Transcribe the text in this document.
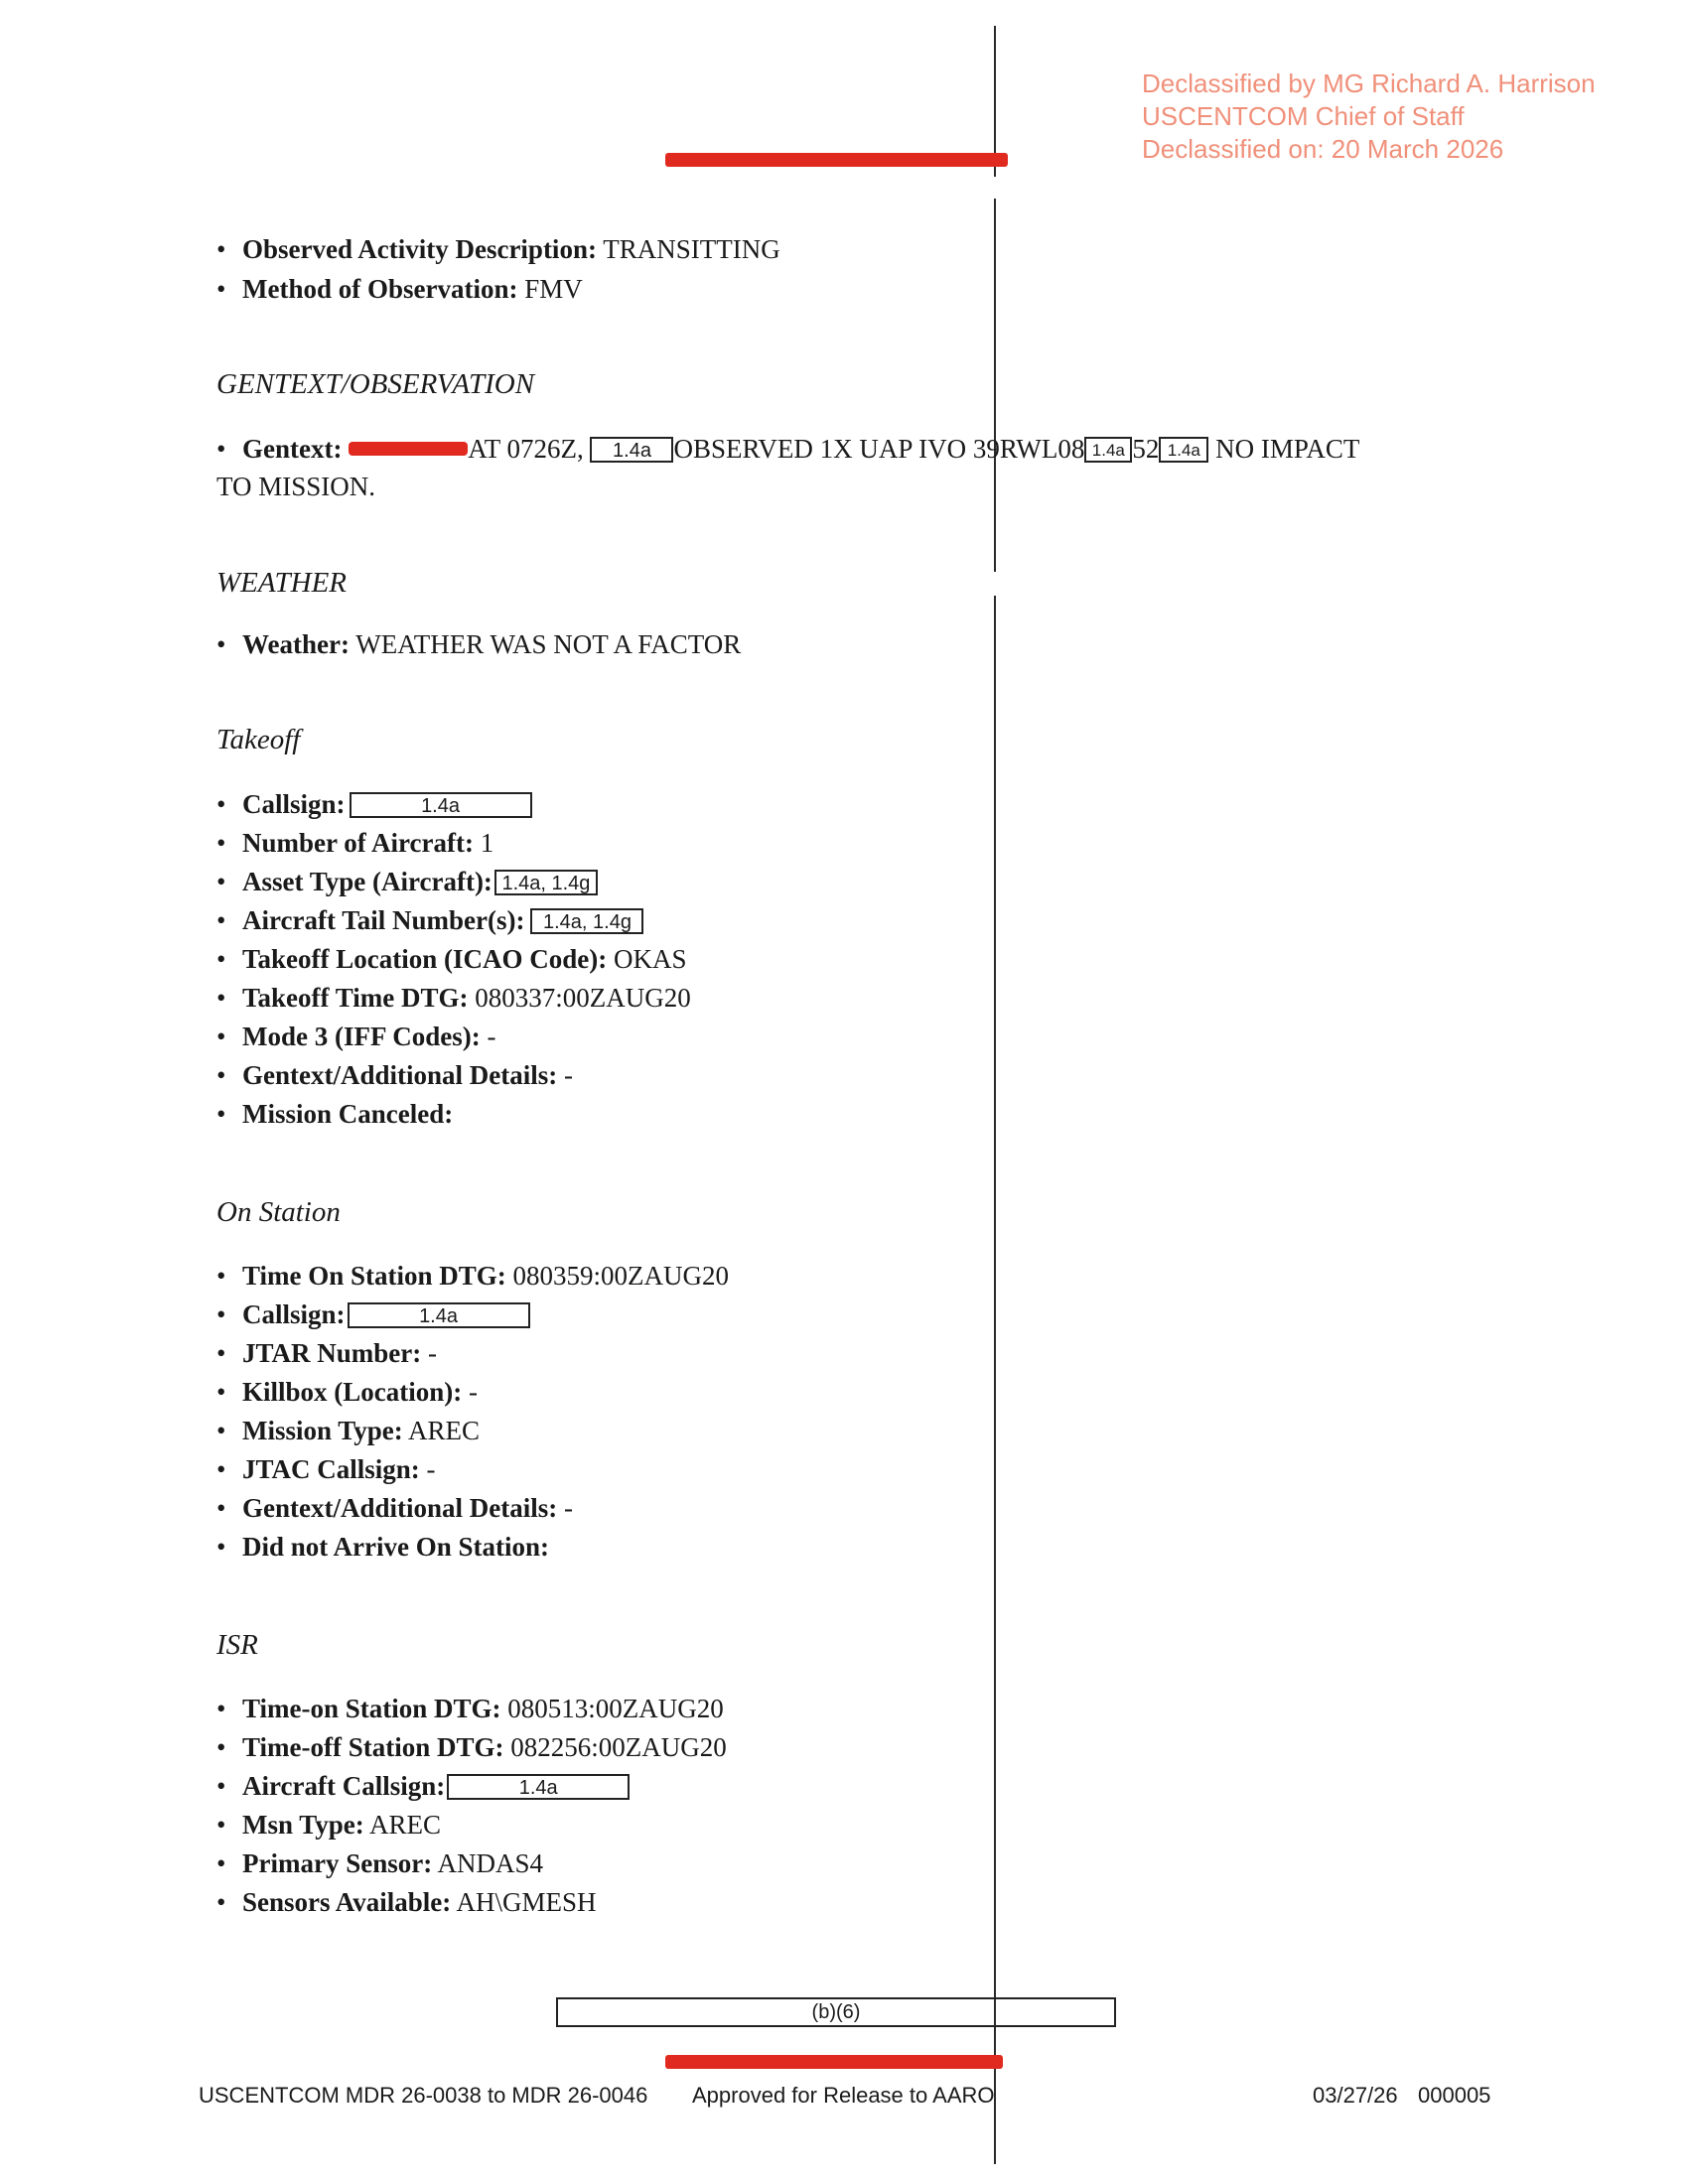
Declassified by MG Richard A. Harrison
USCENTCOM Chief of Staff
Declassified on: 20 March 2026
• Observed Activity Description: TRANSITTING
• Method of Observation: FMV
GENTEXT/OBSERVATION
• Gentext:	AT 0726Z, 1.4a OBSERVED 1X UAP IVO 39RWL08 1.4a 52 1.4a NO IMPACT
TO MISSION.
WEATHER
• Weather: WEATHER WAS NOT A FACTOR
Takeoff
• Callsign:	1.4a
• Number of Aircraft: 1
• Asset Type (Aircraft): 1.4a, 1.4g
• Aircraft Tail Number(s): 1.4a, 1.4g
• Takeoff Location (ICAO Code): OKAS
• Takeoff Time DTG: 080337:00ZAUG20
• Mode 3 (IFF Codes): -
• Gentext/Additional Details: -
• Mission Canceled:
On Station
• Time On Station DTG: 080359:00ZAUG20
• Callsign:	1.4a
• JTAR Number: -
• Killbox (Location): -
• Mission Type: AREC
• JTAC Callsign: -
• Gentext/Additional Details: -
• Did not Arrive On Station:
ISR
• Time-on Station DTG: 080513:00ZAUG20
• Time-off Station DTG: 082256:00ZAUG20
• Aircraft Callsign:	1.4a
• Msn Type: AREC
• Primary Sensor: ANDAS4
• Sensors Available: AH\GMESH
(b)(6)
USCENTCOM MDR 26-0038 to MDR 26-0046 Approved for Release to AARO	03/27/26 000005
